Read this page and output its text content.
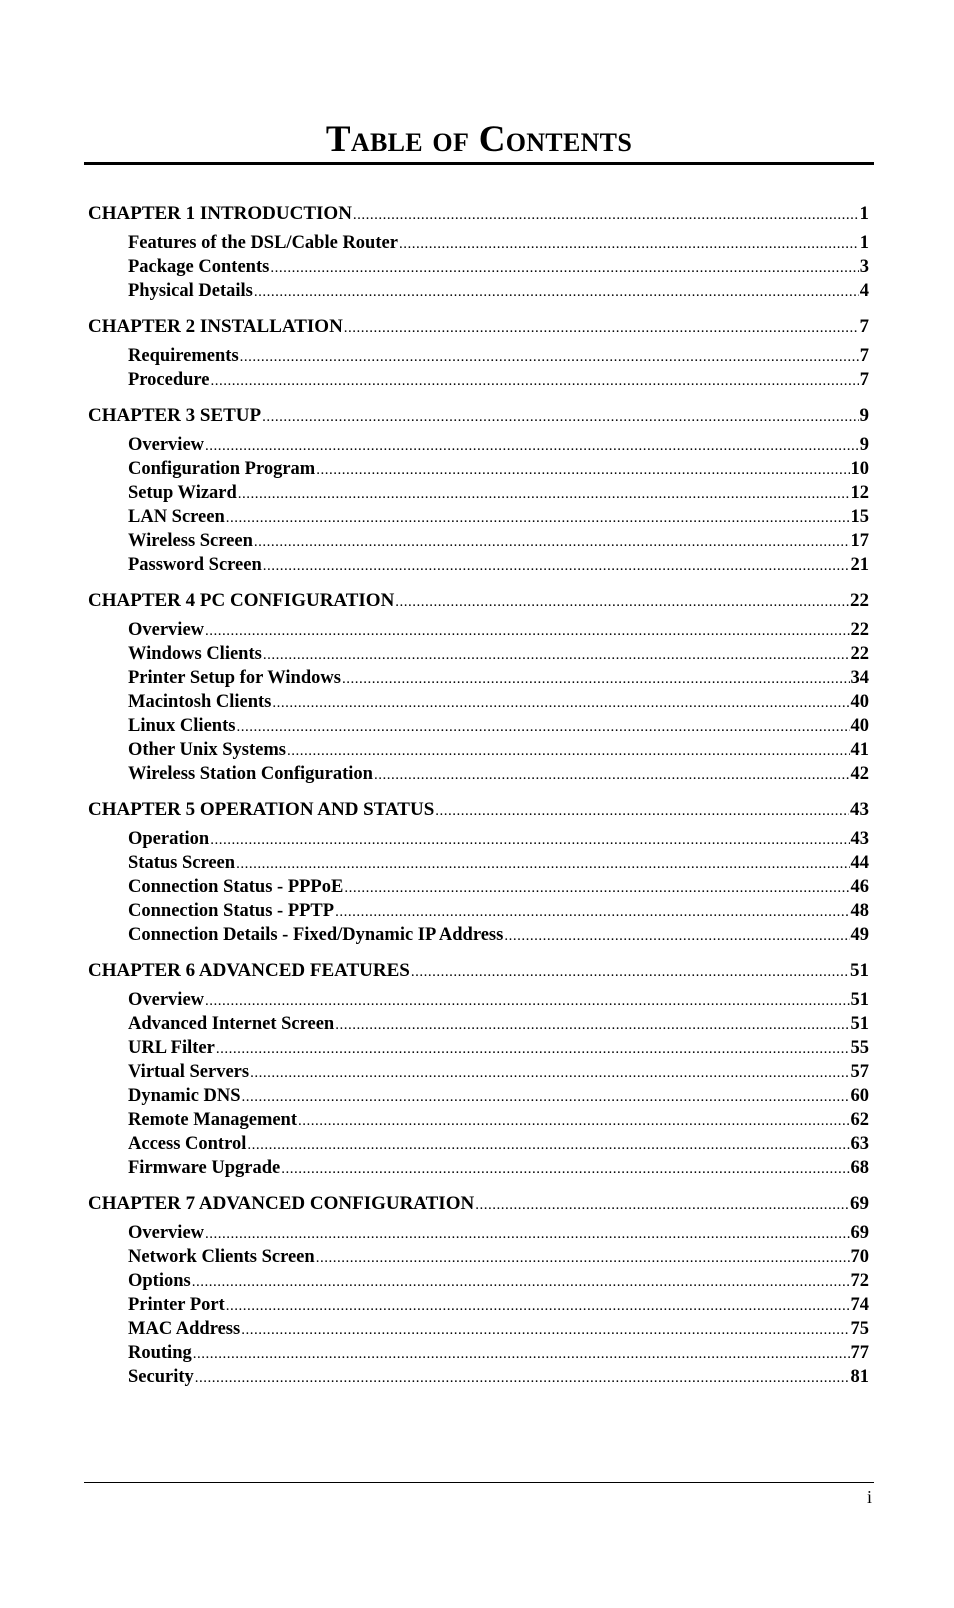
Table of Contents
CHAPTER 1 INTRODUCTION .....	1
Features of the DSL/Cable Router .....	1
Package Contents .....	3
Physical Details .....	4
CHAPTER 2 INSTALLATION .....	7
Requirements .....	7
Procedure .....	7
CHAPTER 3 SETUP .....	9
Overview .....	9
Configuration Program .....	10
Setup Wizard .....	12
LAN Screen .....	15
Wireless Screen .....	17
Password Screen .....	21
CHAPTER 4 PC CONFIGURATION .....	22
Overview .....	22
Windows Clients .....	22
Printer Setup for Windows .....	34
Macintosh Clients .....	40
Linux Clients .....	40
Other Unix Systems .....	41
Wireless Station Configuration .....	42
CHAPTER 5 OPERATION AND STATUS .....	43
Operation .....	43
Status Screen .....	44
Connection Status - PPPoE .....	46
Connection Status - PPTP .....	48
Connection Details - Fixed/Dynamic IP Address .....	49
CHAPTER 6 ADVANCED FEATURES .....	51
Overview .....	51
Advanced Internet Screen .....	51
URL Filter .....	55
Virtual Servers .....	57
Dynamic DNS .....	60
Remote Management .....	62
Access Control .....	63
Firmware Upgrade .....	68
CHAPTER 7 ADVANCED CONFIGURATION .....	69
Overview .....	69
Network Clients Screen .....	70
Options .....	72
Printer Port .....	74
MAC Address .....	75
Routing .....	77
Security .....	81
i
